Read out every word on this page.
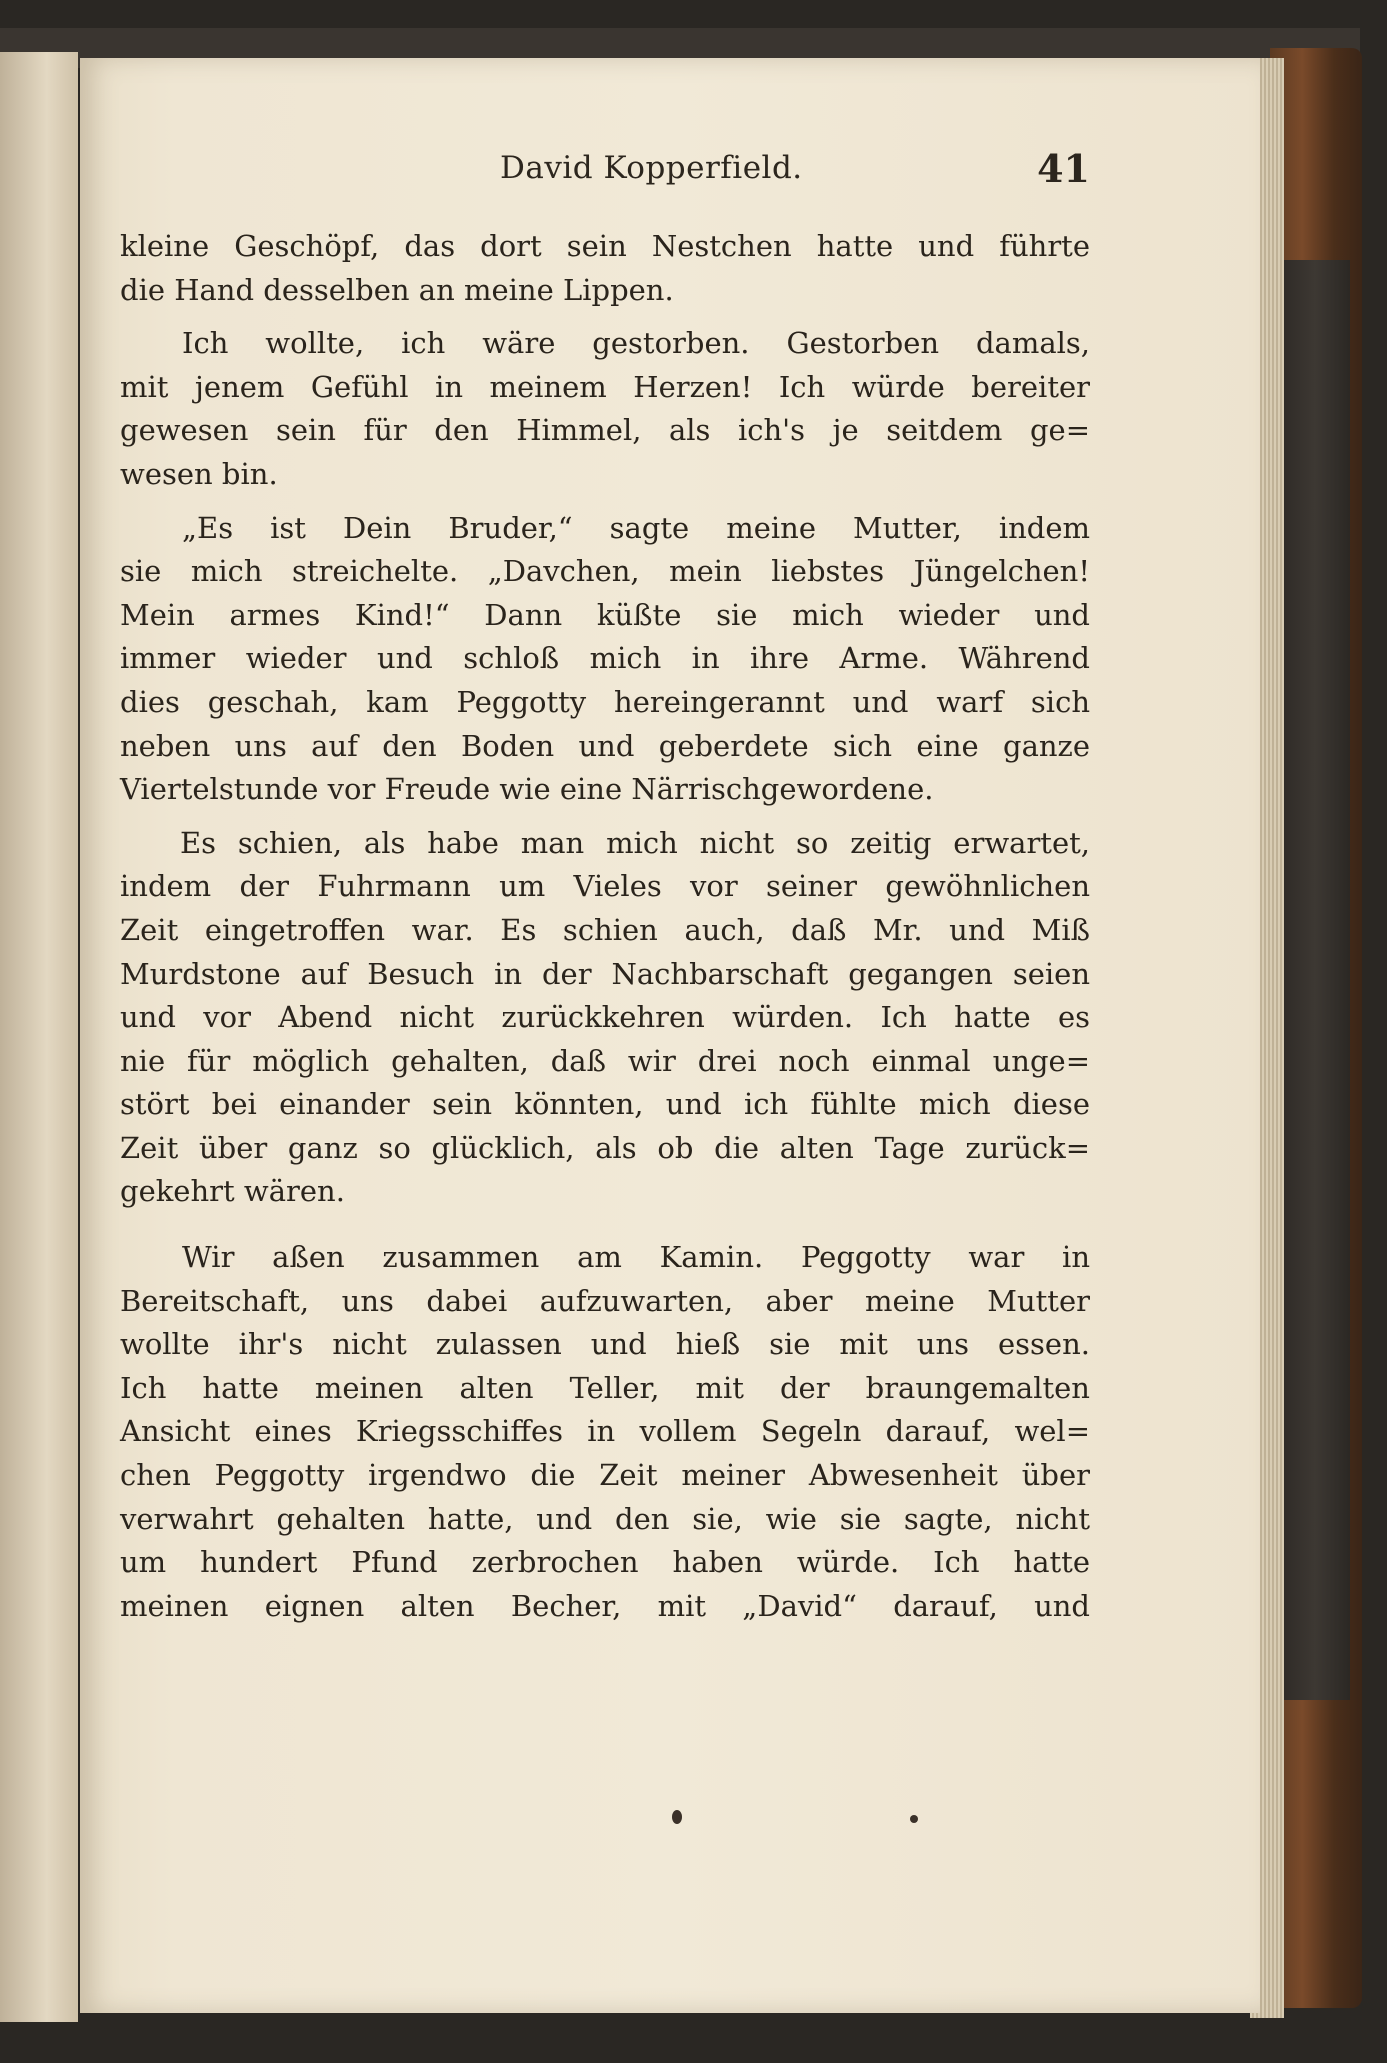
David Kopperfield.	41

kleine Geschöpf, das dort sein Nestchen hatte und führte
die Hand desselben an meine Lippen.

Ich wollte, ich wäre gestorben. Gestorben damals,
mit jenem Gefühl in meinem Herzen! Ich würde bereiter
gewesen sein für den Himmel, als ich's je seitdem ge=
wesen bin.

„Es ist Dein Bruder,“ sagte meine Mutter, indem
sie mich streichelte. „Davchen, mein liebstes Jüngelchen!
Mein armes Kind!“ Dann küßte sie mich wieder und
immer wieder und schloß mich in ihre Arme. Während
dies geschah, kam Peggotty hereingerannt und warf sich
neben uns auf den Boden und geberdete sich eine ganze
Viertelstunde vor Freude wie eine Närrischgewordene.

Es schien, als habe man mich nicht so zeitig erwartet,
indem der Fuhrmann um Vieles vor seiner gewöhnlichen
Zeit eingetroffen war. Es schien auch, daß Mr. und Miß
Murdstone auf Besuch in der Nachbarschaft gegangen seien
und vor Abend nicht zurückkehren würden. Ich hatte es
nie für möglich gehalten, daß wir drei noch einmal unge=
stört bei einander sein könnten, und ich fühlte mich diese
Zeit über ganz so glücklich, als ob die alten Tage zurück=
gekehrt wären.

Wir aßen zusammen am Kamin. Peggotty war in
Bereitschaft, uns dabei aufzuwarten, aber meine Mutter
wollte ihr's nicht zulassen und hieß sie mit uns essen.
Ich hatte meinen alten Teller, mit der braungemalten
Ansicht eines Kriegsschiffes in vollem Segeln darauf, wel=
chen Peggotty irgendwo die Zeit meiner Abwesenheit über
verwahrt gehalten hatte, und den sie, wie sie sagte, nicht
um hundert Pfund zerbrochen haben würde. Ich hatte
meinen eignen alten Becher, mit „David“ darauf, und
